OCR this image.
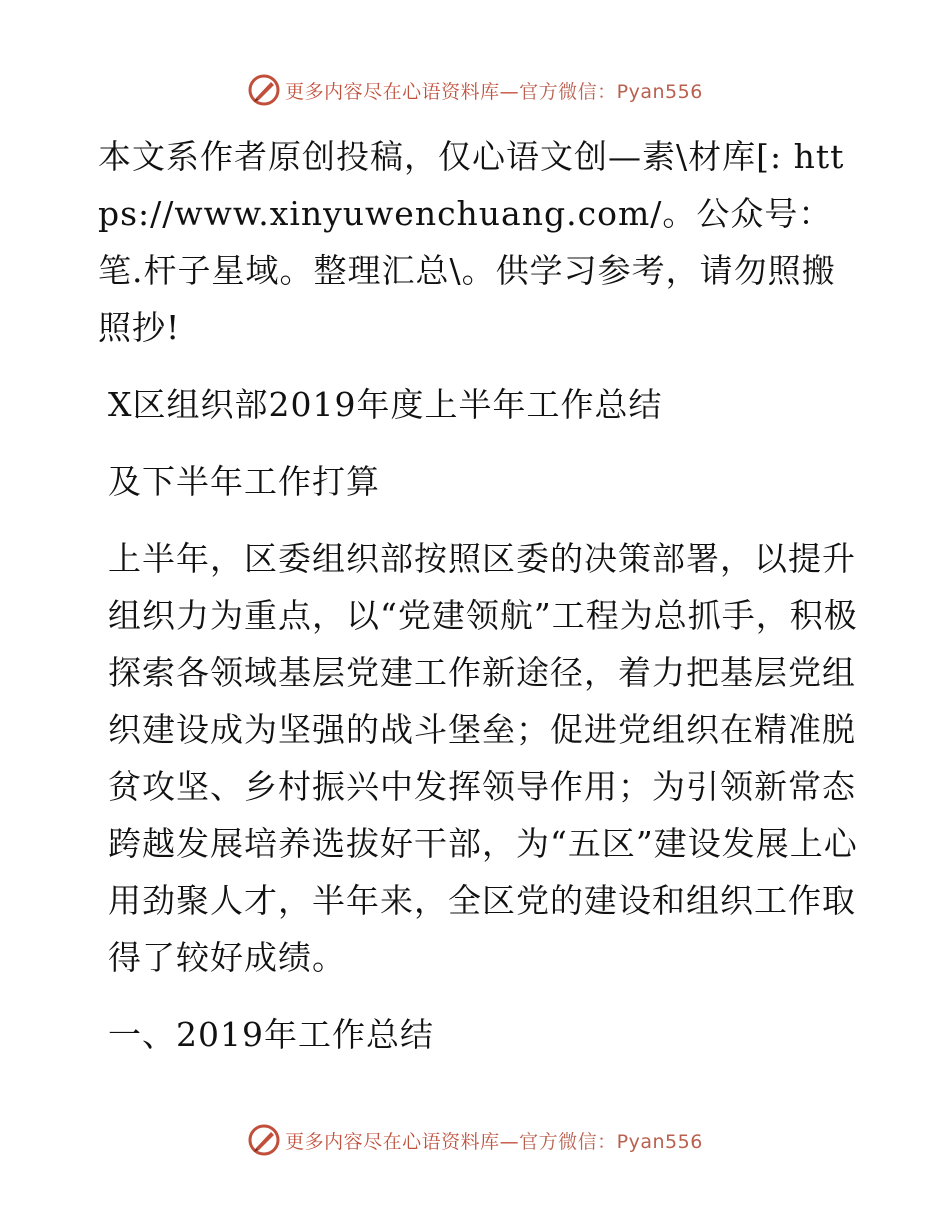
更多内容尽在心语资料库—官方微信：Pyan556

本文系作者原创投稿，仅心语文创—素\材库[: https://www.xinyuwenchuang.com/。公众号：笔.杆子星域。整理汇总\。供学习参考，请勿照搬照抄!

X区组织部2019年度上半年工作总结
及下半年工作打算

上半年，区委组织部按照区委的决策部署，以提升组织力为重点，以“党建领航”工程为总抓手，积极探索各领域基层党建工作新途径，着力把基层党组织建设成为坚强的战斗堡垒；促进党组织在精准脱贫攻坚、乡村振兴中发挥领导作用；为引领新常态跨越发展培养选拔好干部，为“五区”建设发展上心用劲聚人才，半年来，全区党的建设和组织工作取得了较好成绩。

一、2019年工作总结
更多内容尽在心语资料库—官方微信：Pyan556
